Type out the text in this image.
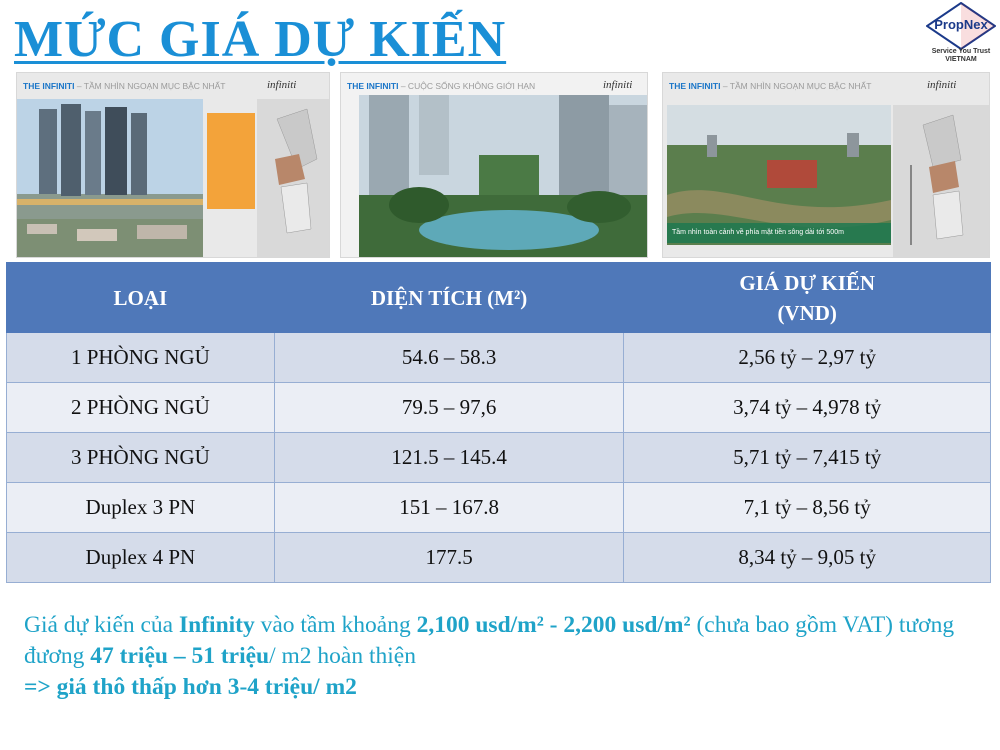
MỨC GIÁ DỰ KIẾN	PropNex
Service You Trust
VIETNAM
THE INFINITI – TẦM NHÌN NGOẠN MỤC BẬC NHẤT	infiniti	THE INFINITI – CUỘC SỐNG KHÔNG GIỚI HẠN	infiniti	THE INFINITI – TẦM NHÌN NGOẠN MỤC BẬC NHẤT	infiniti
Tầm nhìn toàn cảnh về phía mặt tiền sông dài tới 500m
LOẠI	DIỆN TÍCH (M²)	GIÁ DỰ KIẾN
(VND)

1 PHÒNG NGỦ	54.6 – 58.3	2,56 tỷ – 2,97 tỷ
2 PHÒNG NGỦ	79.5 – 97,6	3,74 tỷ – 4,978 tỷ
3 PHÒNG NGỦ	121.5 – 145.4	5,71 tỷ – 7,415 tỷ
Duplex 3 PN	151 – 167.8	7,1 tỷ – 8,56 tỷ
Duplex 4 PN	177.5	8,34 tỷ – 9,05 tỷ
Giá dự kiến của Infinity vào tầm khoảng 2,100 usd/m² - 2,200 usd/m² (chưa bao gồm VAT) tương đương 47 triệu – 51 triệu/ m2 hoàn thiện
=> giá thô thấp hơn 3-4 triệu/ m2
